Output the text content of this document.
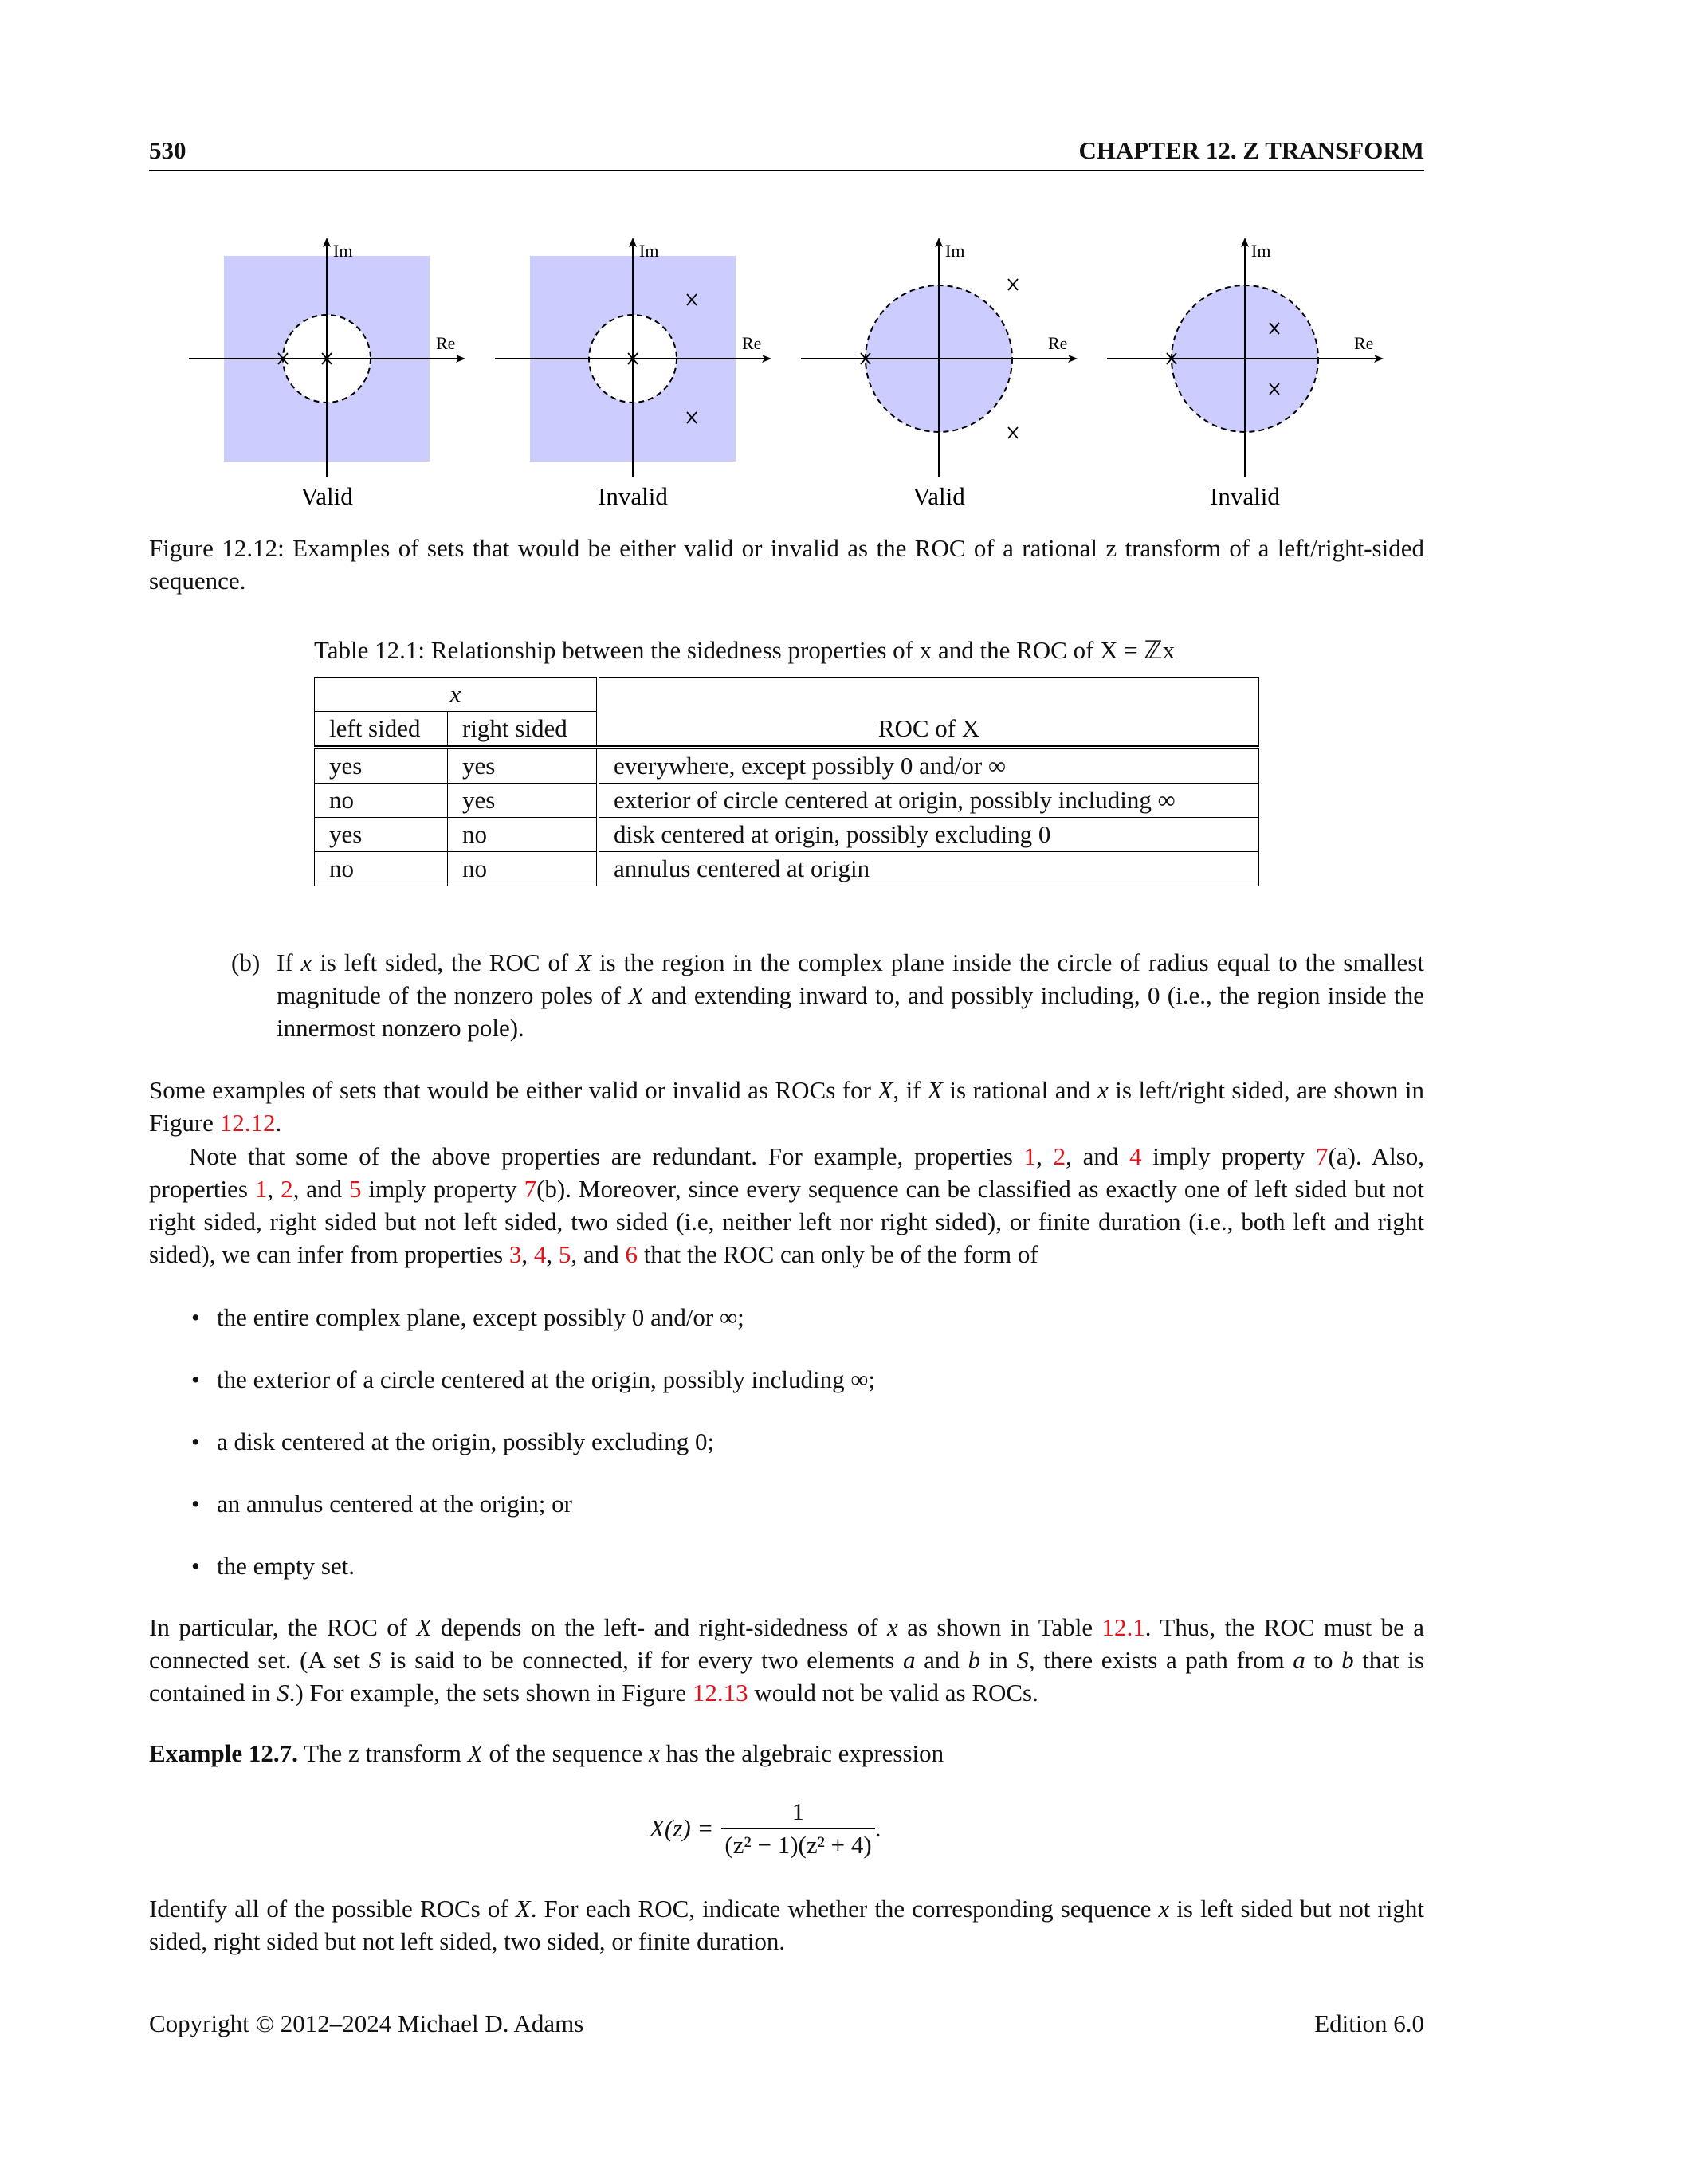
530	CHAPTER 12. Z TRANSFORM
Re
Im
Valid
Re
Im
Invalid
Re
Im
Valid
Re
Im
Invalid
Figure 12.12: Examples of sets that would be either valid or invalid as the ROC of a rational z transform of a left/right-sided sequence.
Table 12.1: Relationship between the sidedness properties of x and the ROC of X = ℤx
x		ROC of X
left sided	right sided	
yes	yes	everywhere, except possibly 0 and/or ∞
no	yes	exterior of circle centered at origin, possibly including ∞
yes	no	disk centered at origin, possibly excluding 0
no	no	annulus centered at origin
(b) If x is left sided, the ROC of X is the region in the complex plane inside the circle of radius equal to the smallest magnitude of the nonzero poles of X and extending inward to, and possibly including, 0 (i.e., the region inside the innermost nonzero pole).
Some examples of sets that would be either valid or invalid as ROCs for X, if X is rational and x is left/right sided, are shown in Figure 12.12.
Note that some of the above properties are redundant. For example, properties 1, 2, and 4 imply property 7(a). Also, properties 1, 2, and 5 imply property 7(b). Moreover, since every sequence can be classified as exactly one of left sided but not right sided, right sided but not left sided, two sided (i.e, neither left nor right sided), or finite duration (i.e., both left and right sided), we can infer from properties 3, 4, 5, and 6 that the ROC can only be of the form of
• the entire complex plane, except possibly 0 and/or ∞;
• the exterior of a circle centered at the origin, possibly including ∞;
• a disk centered at the origin, possibly excluding 0;
• an annulus centered at the origin; or
• the empty set.
In particular, the ROC of X depends on the left- and right-sidedness of x as shown in Table 12.1. Thus, the ROC must be a connected set. (A set S is said to be connected, if for every two elements a and b in S, there exists a path from a to b that is contained in S.) For example, the sets shown in Figure 12.13 would not be valid as ROCs.
Example 12.7. The z transform X of the sequence x has the algebraic expression
$X(z) = \frac{1}{\text{(z² − 1)(z² + 4)}}$ .
Identify all of the possible ROCs of X. For each ROC, indicate whether the corresponding sequence x is left sided but not right sided, right sided but not left sided, two sided, or finite duration.
Copyright © 2012–2024 Michael D. Adams	Edition 6.0
